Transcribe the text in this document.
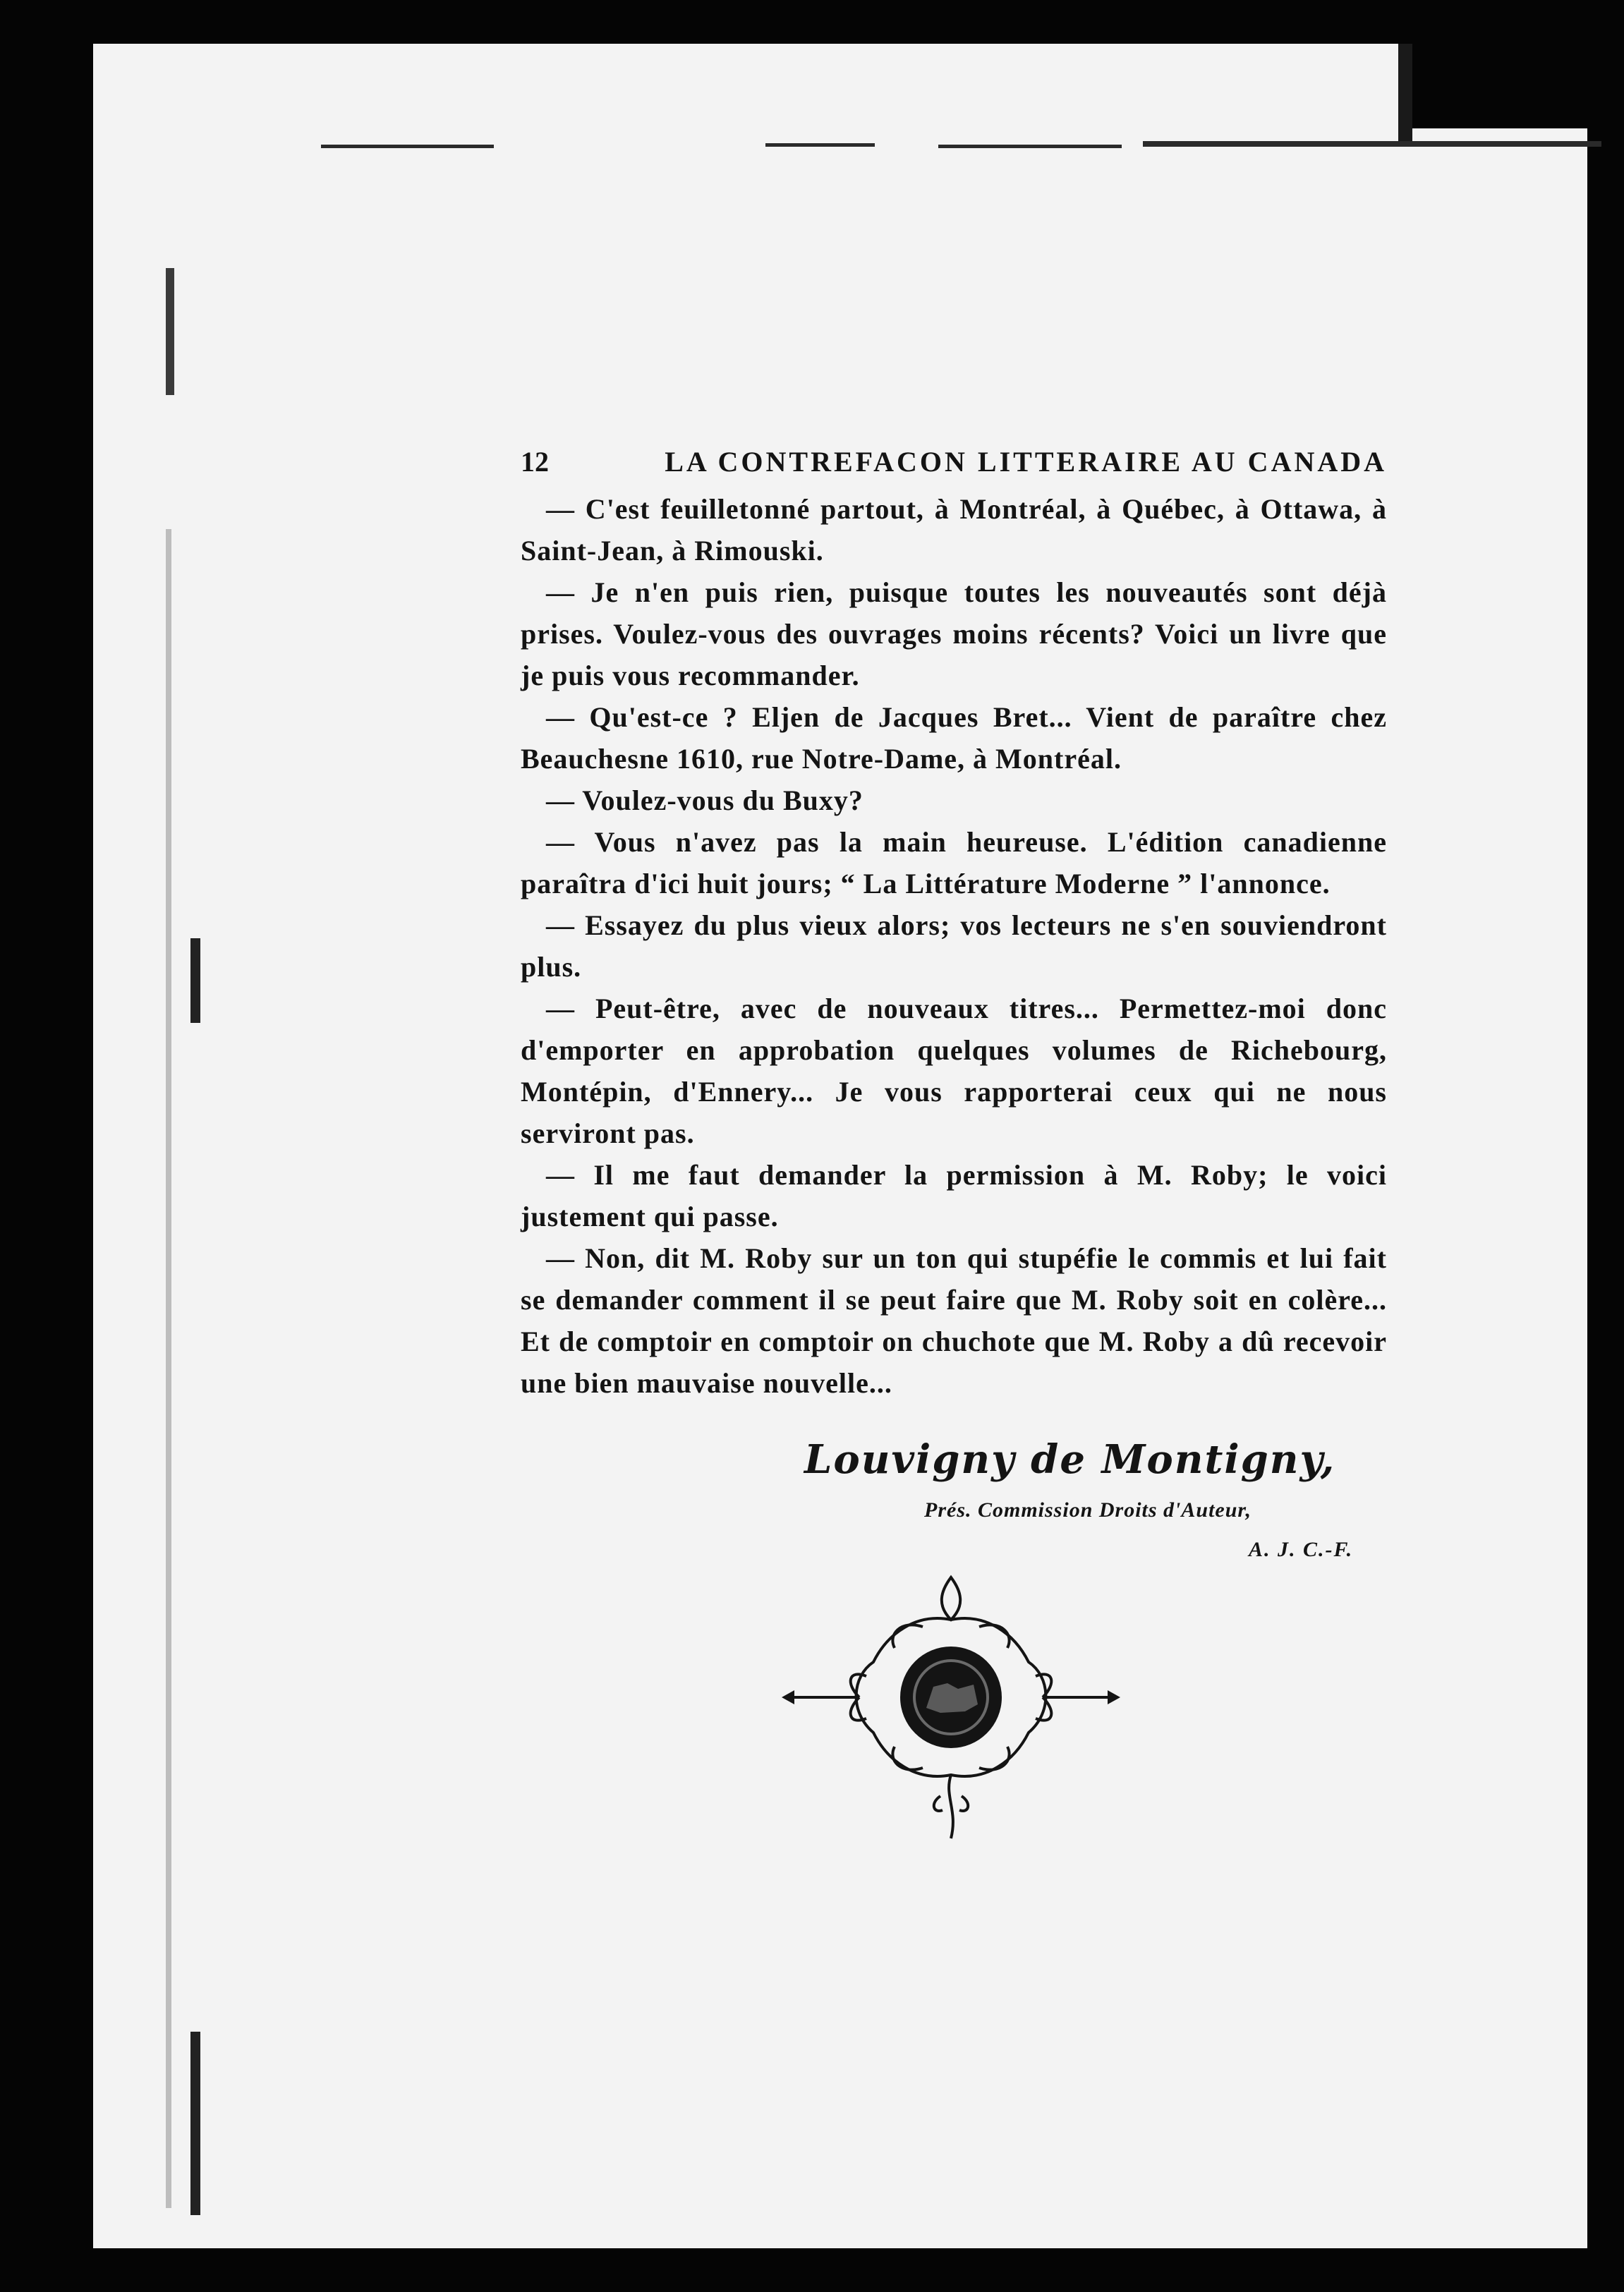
12	LA CONTREFACON LITTERAIRE AU CANADA

— C'est feuilletonné partout, à Montréal, à Québec, à Ottawa, à Saint-Jean, à Rimouski.

— Je n'en puis rien, puisque toutes les nouveautés sont déjà prises. Voulez-vous des ouvrages moins récents? Voici un livre que je puis vous recommander.

— Qu'est-ce ? Eljen de Jacques Bret... Vient de paraître chez Beauchesne 1610, rue Notre-Dame, à Montréal.

— Voulez-vous du Buxy?

— Vous n'avez pas la main heureuse. L'édition canadienne paraîtra d'ici huit jours; “ La Littérature Moderne ” l'annonce.

— Essayez du plus vieux alors; vos lecteurs ne s'en souviendront plus.

— Peut-être, avec de nouveaux titres... Permettez-moi donc d'emporter en approbation quelques volumes de Richebourg, Montépin, d'Ennery... Je vous rapporterai ceux qui ne nous serviront pas.

— Il me faut demander la permission à M. Roby; le voici justement qui passe.

— Non, dit M. Roby sur un ton qui stupéfie le commis et lui fait se demander comment il se peut faire que M. Roby soit en colère... Et de comptoir en comptoir on chuchote que M. Roby a dû recevoir une bien mauvaise nouvelle...

Louvigny de Montigny,
Prés. Commission Droits d'Auteur,
A. J. C.-F.
